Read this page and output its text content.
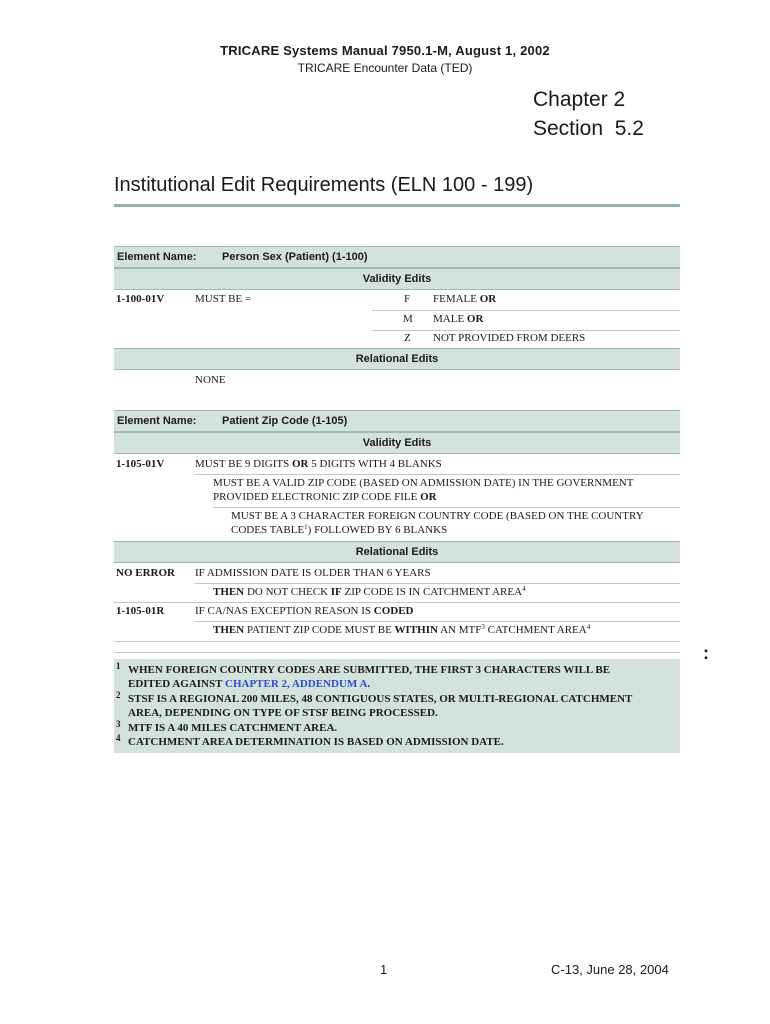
TRICARE Systems Manual 7950.1-M, August 1, 2002
TRICARE Encounter Data (TED)
Chapter 2
Section  5.2
Institutional Edit Requirements (ELN 100 - 199)
Element Name: Person Sex (Patient) (1-100)
Validity Edits
1-100-01V	MUST BE =	F FEMALE OR
M MALE OR
Z NOT PROVIDED FROM DEERS
Relational Edits
NONE
Element Name: Patient Zip Code (1-105)
Validity Edits
1-105-01V	MUST BE 9 DIGITS OR 5 DIGITS WITH 4 BLANKS
MUST BE A VALID ZIP CODE (BASED ON ADMISSION DATE) IN THE GOVERNMENT
PROVIDED ELECTRONIC ZIP CODE FILE OR
MUST BE A 3 CHARACTER FOREIGN COUNTRY CODE (BASED ON THE COUNTRY
CODES TABLE$^1$) FOLLOWED BY 6 BLANKS
Relational Edits
NO ERROR IF ADMISSION DATE IS OLDER THAN 6 YEARS
THEN DO NOT CHECK IF ZIP CODE IS IN CATCHMENT AREA$^4$
1-105-01R	IF CA/NAS EXCEPTION REASON IS CODED
THEN PATIENT ZIP CODE MUST BE WITHIN AN MTF$^3$ CATCHMENT AREA$^4$
1 WHEN FOREIGN COUNTRY CODES ARE SUBMITTED, THE FIRST 3 CHARACTERS WILL BE
EDITED AGAINST CHAPTER 2, ADDENDUM A.
2 STSF IS A REGIONAL 200 MILES, 48 CONTIGUOUS STATES, OR MULTI-REGIONAL CATCHMENT
AREA, DEPENDING ON TYPE OF STSF BEING PROCESSED.
3 MTF IS A 40 MILES CATCHMENT AREA.
4 CATCHMENT AREA DETERMINATION IS BASED ON ADMISSION DATE.
:
1	C-13, June 28, 2004
